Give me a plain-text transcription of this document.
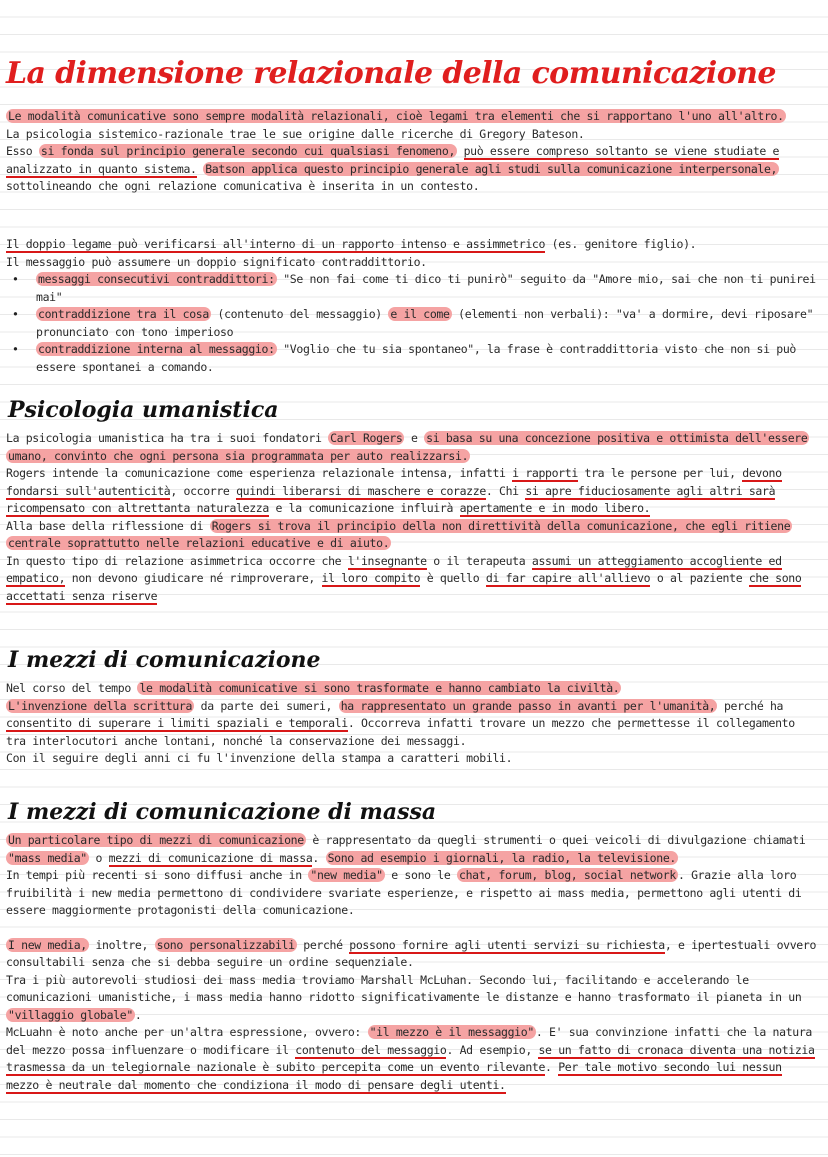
La dimensione relazionale della comunicazione

Le modalità comunicative sono sempre modalità relazionali, cioè legami tra elementi che si rapportano l'uno all'altro.

La psicologia sistemico-razionale trae le sue origine dalle ricerche di Gregory Bateson.

Esso si fonda sul principio generale secondo cui qualsiasi fenomeno, può essere compreso soltanto se viene studiate e analizzato in quanto sistema. Batson applica questo principio generale agli studi sulla comunicazione interpersonale, sottolineando che ogni relazione comunicativa è inserita in un contesto.

Il doppio legame può verificarsi all'interno di un rapporto intenso e assimmetrico (es. genitore figlio).

Il messaggio può assumere un doppio significato contraddittorio.

• messaggi consecutivi contraddittori: "Se non fai come ti dico ti punirò" seguito da "Amore mio, sai che non ti punirei mai"
• contraddizione tra il cosa (contenuto del messaggio) e il come (elementi non verbali): "va' a dormire, devi riposare" pronunciato con tono imperioso
• contraddizione interna al messaggio: "Voglio che tu sia spontaneo", la frase è contraddittoria visto che non si può essere spontanei a comando.
Psicologia umanistica

La psicologia umanistica ha tra i suoi fondatori Carl Rogers e si basa su una concezione positiva e ottimista dell'essere umano, convinto che ogni persona sia programmata per auto realizzarsi.

Rogers intende la comunicazione come esperienza relazionale intensa, infatti i rapporti tra le persone per lui, devono fondarsi sull'autenticità, occorre quindi liberarsi di maschere e corazze. Chi si apre fiduciosamente agli altri sarà ricompensato con altrettanta naturalezza e la comunicazione influirà apertamente e in modo libero.

Alla base della riflessione di Rogers si trova il principio della non direttività della comunicazione, che egli ritiene centrale soprattutto nelle relazioni educative e di aiuto.

In questo tipo di relazione asimmetrica occorre che l'insegnante o il terapeuta assumi un atteggiamento accogliente ed empatico, non devono giudicare né rimproverare, il loro compito è quello di far capire all'allievo o al paziente che sono accettati senza riserve

I mezzi di comunicazione

Nel corso del tempo le modalità comunicative si sono trasformate e hanno cambiato la civiltà.

L'invenzione della scrittura da parte dei sumeri, ha rappresentato un grande passo in avanti per l'umanità, perché ha consentito di superare i limiti spaziali e temporali. Occorreva infatti trovare un mezzo che permettesse il collegamento tra interlocutori anche lontani, nonché la conservazione dei messaggi.

Con il seguire degli anni ci fu l'invenzione della stampa a caratteri mobili.

I mezzi di comunicazione di massa

Un particolare tipo di mezzi di comunicazione è rappresentato da quegli strumenti o quei veicoli di divulgazione chiamati "mass media" o mezzi di comunicazione di massa. Sono ad esempio i giornali, la radio, la televisione.

In tempi più recenti si sono diffusi anche in "new media" e sono le chat, forum, blog, social network . Grazie alla loro fruibilità i new media permettono di condividere svariate esperienze, e rispetto ai mass media, permettono agli utenti di essere maggiormente protagonisti della comunicazione.

I new media, inoltre, sono personalizzabili perché possono fornire agli utenti servizi su richiesta, e ipertestuali ovvero consultabili senza che si debba seguire un ordine sequenziale.

Tra i più autorevoli studiosi dei mass media troviamo Marshall McLuhan. Secondo lui, facilitando e accelerando le comunicazioni umanistiche, i mass media hanno ridotto significativamente le distanze e hanno trasformato il pianeta in un "villaggio globale" .

McLuahn è noto anche per un'altra espressione, ovvero: "il mezzo è il messaggio" . E' sua convinzione infatti che la natura del mezzo possa influenzare o modificare il contenuto del messaggio. Ad esempio, se un fatto di cronaca diventa una notizia trasmessa da un telegiornale nazionale è subito percepita come un evento rilevante. Per tale motivo secondo lui nessun mezzo è neutrale dal momento che condiziona il modo di pensare degli utenti.
